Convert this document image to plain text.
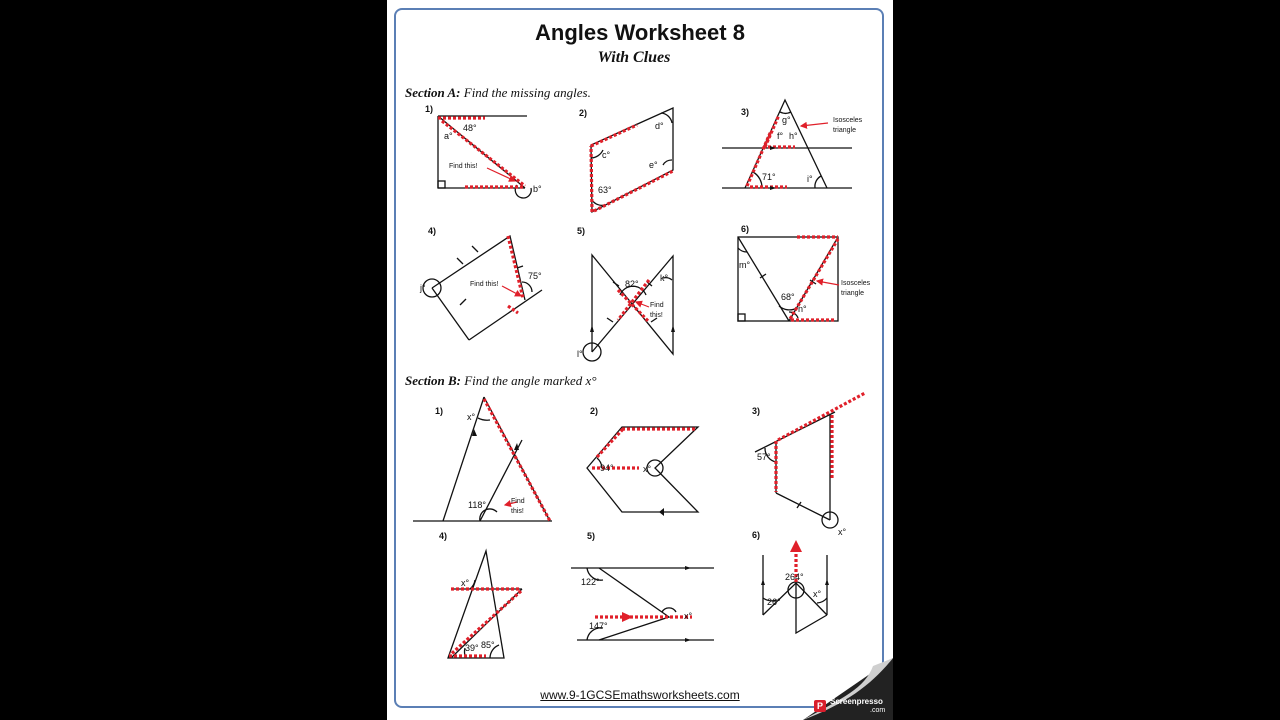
Angles Worksheet 8
With Clues
Section A: Find the missing angles.
Section B: Find the angle marked x°
1)	2)	3)
4)	5)	6)
1)	2)	3)
4)	5)	6)
a°
48°
b°
Find this!
d°
c°
e°
63°
g°
f° h°
71°	i°
Isosceles triangle
j°
75°
Find this!	82°
k°
l°
Find this!
m°
68°
n°
Isosceles triangle
x°
118°	Find this!
94°	x°
57°
x°
x°
39° 85°
122°
147°
x°
264°
26°
x°
www.9-1GCSEmathsworksheets.com
P Screenpresso
.com
